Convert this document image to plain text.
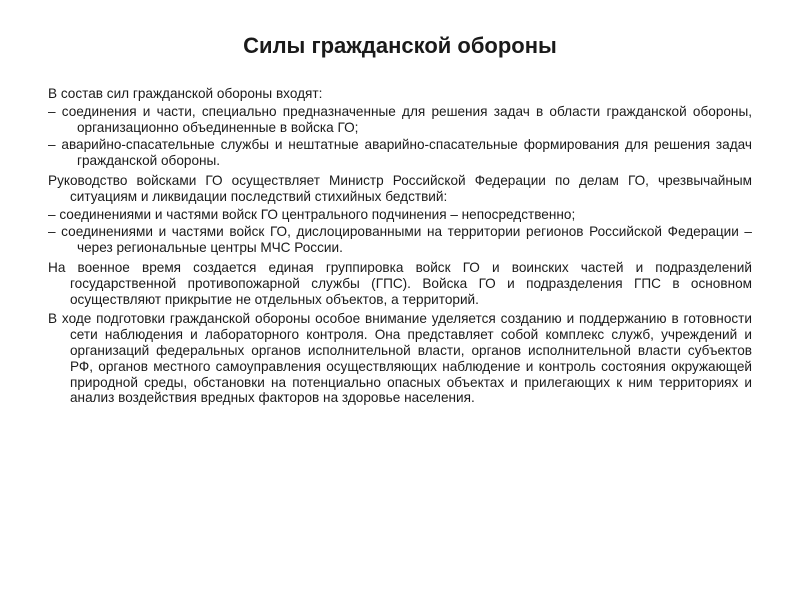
Силы гражданской обороны

В состав сил гражданской обороны входят:

– соединения и части, специально предназначенные для решения задач в области гражданской обороны, организационно объединенные в войска ГО;

– аварийно-спасательные службы и нештатные аварийно-спасательные формирования для решения задач гражданской обороны.

Руководство войсками ГО осуществляет Министр Российской Федерации по делам ГО, чрезвычайным ситуациям и ликвидации последствий стихийных бедствий:

– соединениями и частями войск ГО центрального подчинения – непосредственно;

– соединениями и частями войск ГО, дислоцированными на территории регионов Российской Федерации – через региональные центры МЧС России.

На военное время создается единая группировка войск ГО и воинских частей и подразделений государственной противопожарной службы (ГПС). Войска ГО и подразделения ГПС в основном осуществляют прикрытие не отдельных объектов, а территорий.

В ходе подготовки гражданской обороны особое внимание уделяется созданию и поддержанию в готовности сети наблюдения и лабораторного контроля. Она представляет собой комплекс служб, учреждений и организаций федеральных органов исполнительной власти, органов исполнительной власти субъектов РФ, органов местного самоуправления осуществляющих наблюдение и контроль состояния окружающей природной среды, обстановки на потенциально опасных объектах и прилегающих к ним территориях и анализ воздействия вредных факторов на здоровье населения.
